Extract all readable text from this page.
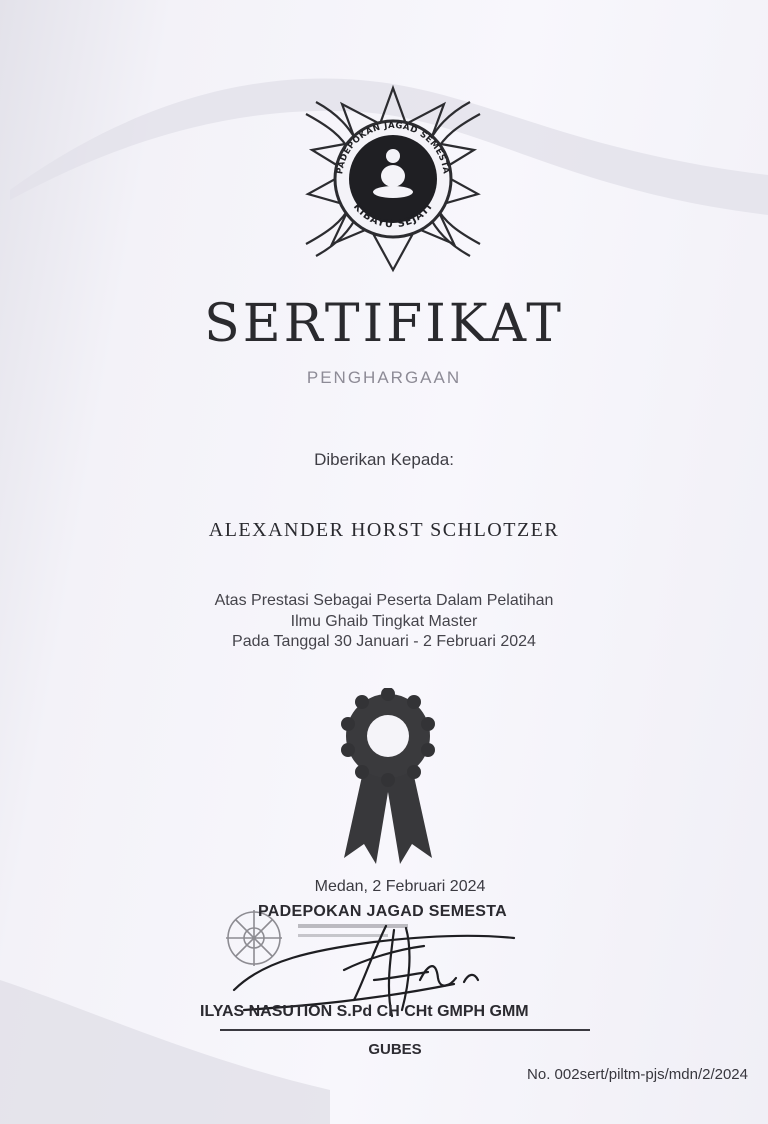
PADEPOKAN JAGAD SEMESTA
KIBAYU SEJATI
SERTIFIKAT
PENGHARGAAN
Diberikan Kepada:
ALEXANDER HORST SCHLOTZER
Atas Prestasi Sebagai Peserta Dalam Pelatihan
Ilmu Ghaib Tingkat Master
Pada Tanggal 30 Januari - 2 Februari 2024
Medan, 2 Februari 2024
PADEPOKAN JAGAD SEMESTA
ILYAS NASUTION S.Pd CH CHt GMPH GMM
GUBES
No. 002sert/piltm-pjs/mdn/2/2024
